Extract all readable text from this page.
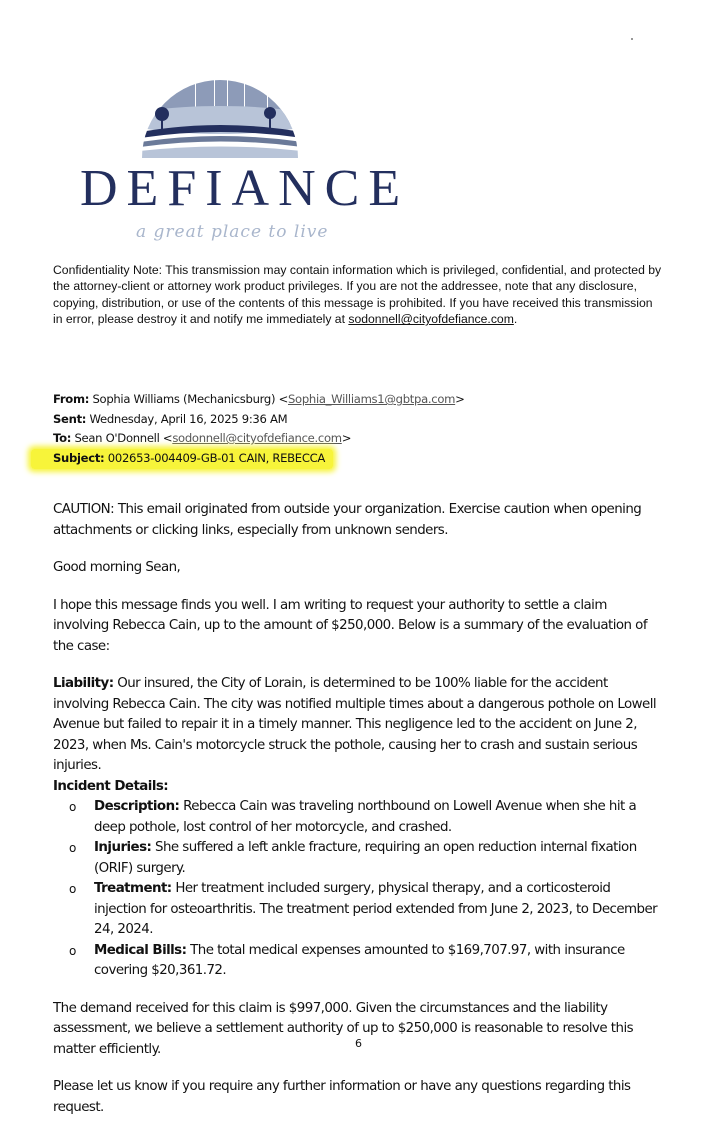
DEFIANCE
a great place to live
Confidentiality Note: This transmission may contain information which is privileged, confidential, and protected by the attorney-client or attorney work product privileges. If you are not the addressee, note that any disclosure, copying, distribution, or use of the contents of this message is prohibited. If you have received this transmission in error, please destroy it and notify me immediately at sodonnell@cityofdefiance.com.
From: Sophia Williams (Mechanicsburg) <Sophia_Williams1@gbtpa.com>
Sent: Wednesday, April 16, 2025 9:36 AM
To: Sean O'Donnell <sodonnell@cityofdefiance.com>
Subject: 002653-004409-GB-01 CAIN, REBECCA

CAUTION: This email originated from outside your organization. Exercise caution when opening attachments or clicking links, especially from unknown senders.

Good morning Sean,

I hope this message finds you well. I am writing to request your authority to settle a claim involving Rebecca Cain, up to the amount of $250,000. Below is a summary of the evaluation of the case:

Liability: Our insured, the City of Lorain, is determined to be 100% liable for the accident involving Rebecca Cain. The city was notified multiple times about a dangerous pothole on Lowell Avenue but failed to repair it in a timely manner. This negligence led to the accident on June 2, 2023, when Ms. Cain's motorcycle struck the pothole, causing her to crash and sustain serious injuries.

Incident Details:

o Description: Rebecca Cain was traveling northbound on Lowell Avenue when she hit a deep pothole, lost control of her motorcycle, and crashed.
o Injuries: She suffered a left ankle fracture, requiring an open reduction internal fixation (ORIF) surgery.
o Treatment: Her treatment included surgery, physical therapy, and a corticosteroid injection for osteoarthritis. The treatment period extended from June 2, 2023, to December 24, 2024.
o Medical Bills: The total medical expenses amounted to $169,707.97, with insurance covering $20,361.72.

The demand received for this claim is $997,000. Given the circumstances and the liability assessment, we believe a settlement authority of up to $250,000 is reasonable to resolve this matter efficiently.

Please let us know if you require any further information or have any questions regarding this request.

6
